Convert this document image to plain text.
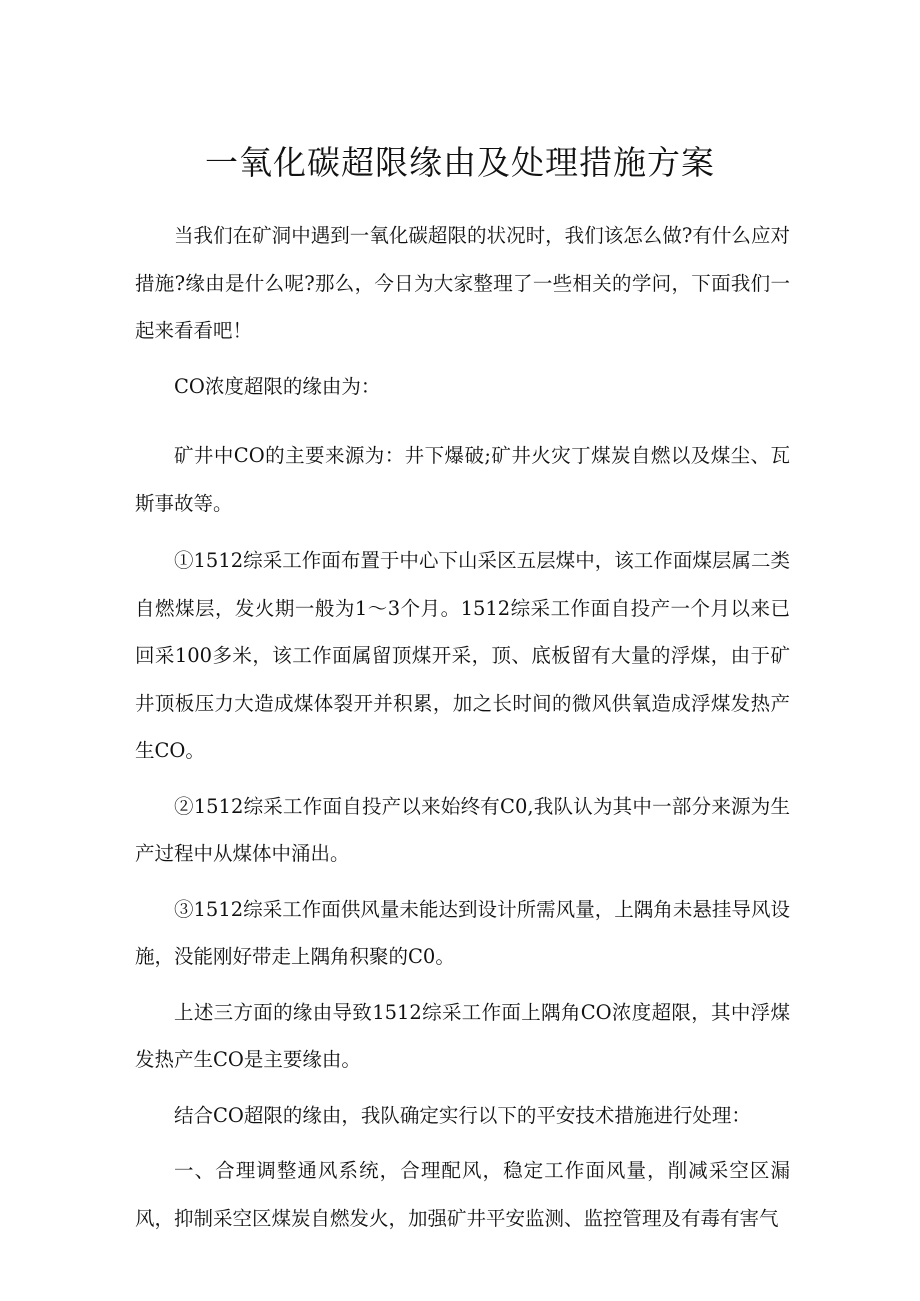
一氧化碳超限缘由及处理措施方案

当我们在矿洞中遇到一氧化碳超限的状况时，我们该怎么做?有什么应对措施?缘由是什么呢?那么，今日为大家整理了一些相关的学问，下面我们一起来看看吧！

CO浓度超限的缘由为：

矿井中CO的主要来源为：井下爆破;矿井火灾丁煤炭自燃以及煤尘、瓦斯事故等。

①1512综采工作面布置于中心下山采区五层煤中，该工作面煤层属二类自燃煤层，发火期一般为1～3个月。1512综采工作面自投产一个月以来已回采100多米，该工作面属留顶煤开采，顶、底板留有大量的浮煤，由于矿井顶板压力大造成煤体裂开并积累，加之长时间的微风供氧造成浮煤发热产生CO。

②1512综采工作面自投产以来始终有C0,我队认为其中一部分来源为生产过程中从煤体中涌出。

③1512综采工作面供风量未能达到设计所需风量，上隅角未悬挂导风设施，没能刚好带走上隅角积聚的C0。

上述三方面的缘由导致1512综采工作面上隅角CO浓度超限，其中浮煤发热产生CO是主要缘由。

结合CO超限的缘由，我队确定实行以下的平安技术措施进行处理：

一、合理调整通风系统，合理配风，稳定工作面风量，削减采空区漏风，抑制采空区煤炭自燃发火，加强矿井平安监测、监控管理及有毒有害气
